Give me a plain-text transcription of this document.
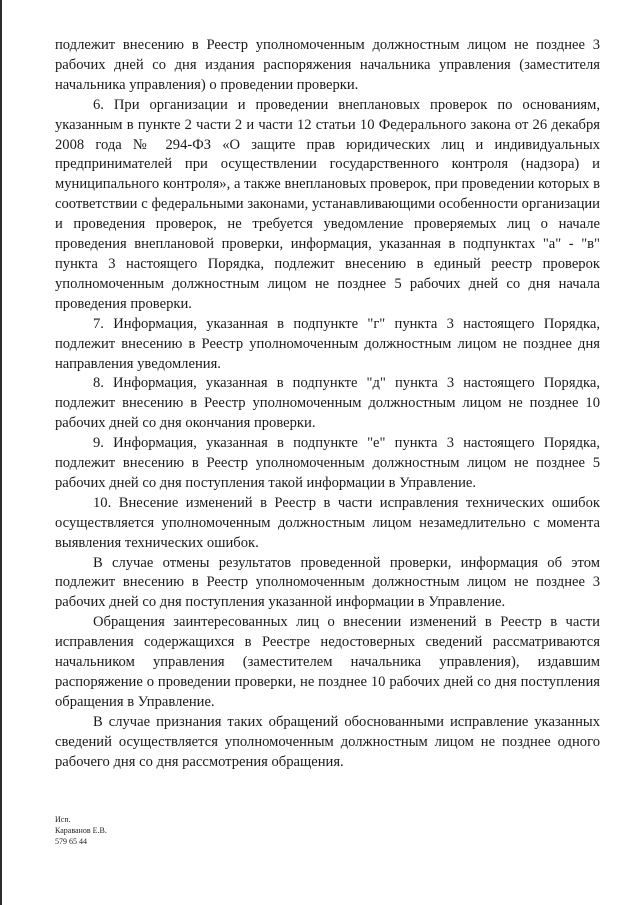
подлежит внесению в Реестр уполномоченным должностным лицом не позднее 3 рабочих дней со дня издания распоряжения начальника управления (заместителя начальника управления) о проведении проверки.

6. При организации и проведении внеплановых проверок по основаниям, указанным в пункте 2 части 2 и части 12 статьи 10 Федерального закона от 26 декабря 2008 года № 294-ФЗ «О защите прав юридических лиц и индивидуальных предпринимателей при осуществлении государственного контроля (надзора) и муниципального контроля», а также внеплановых проверок, при проведении которых в соответствии с федеральными законами, устанавливающими особенности организации и проведения проверок, не требуется уведомление проверяемых лиц о начале проведения внеплановой проверки, информация, указанная в подпунктах "а" - "в" пункта 3 настоящего Порядка, подлежит внесению в единый реестр проверок уполномоченным должностным лицом не позднее 5 рабочих дней со дня начала проведения проверки.

7. Информация, указанная в подпункте "г" пункта 3 настоящего Порядка, подлежит внесению в Реестр уполномоченным должностным лицом не позднее дня направления уведомления.

8. Информация, указанная в подпункте "д" пункта 3 настоящего Порядка, подлежит внесению в Реестр уполномоченным должностным лицом не позднее 10 рабочих дней со дня окончания проверки.

9. Информация, указанная в подпункте "е" пункта 3 настоящего Порядка, подлежит внесению в Реестр уполномоченным должностным лицом не позднее 5 рабочих дней со дня поступления такой информации в Управление.

10. Внесение изменений в Реестр в части исправления технических ошибок осуществляется уполномоченным должностным лицом незамедлительно с момента выявления технических ошибок.

В случае отмены результатов проведенной проверки, информация об этом подлежит внесению в Реестр уполномоченным должностным лицом не позднее 3 рабочих дней со дня поступления указанной информации в Управление.

Обращения заинтересованных лиц о внесении изменений в Реестр в части исправления содержащихся в Реестре недостоверных сведений рассматриваются начальником управления (заместителем начальника управления), издавшим распоряжение о проведении проверки, не позднее 10 рабочих дней со дня поступления обращения в Управление.

В случае признания таких обращений обоснованными исправление указанных сведений осуществляется уполномоченным должностным лицом не позднее одного рабочего дня со дня рассмотрения обращения.

Исп.
Караванов Е.В.
579 65 44
